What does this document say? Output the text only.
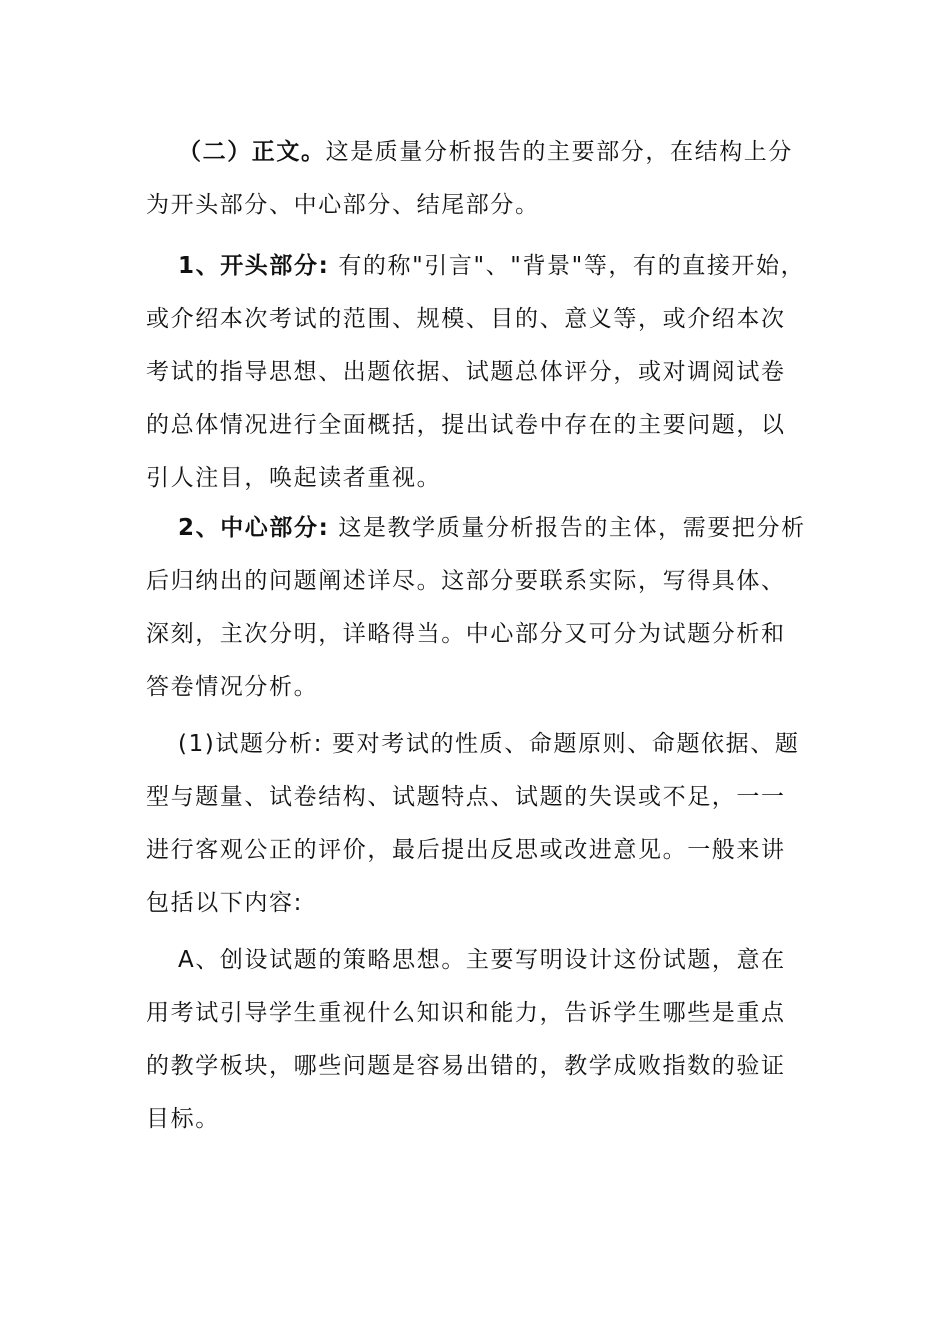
（二）正文。这是质量分析报告的主要部分，在结构上分为开头部分、中心部分、结尾部分。

1、开头部分: 有的称"引言"、"背景"等，有的直接开始，或介绍本次考试的范围、规模、目的、意义等，或介绍本次考试的指导思想、出题依据、试题总体评分，或对调阅试卷的总体情况进行全面概括，提出试卷中存在的主要问题，以引人注目，唤起读者重视。

2、中心部分: 这是教学质量分析报告的主体，需要把分析后归纳出的问题阐述详尽。这部分要联系实际，写得具体、深刻，主次分明，详略得当。中心部分又可分为试题分析和答卷情况分析。

(1)试题分析: 要对考试的性质、命题原则、命题依据、题型与题量、试卷结构、试题特点、试题的失误或不足，一一进行客观公正的评价，最后提出反思或改进意见。一般来讲包括以下内容:

A、创设试题的策略思想。主要写明设计这份试题，意在用考试引导学生重视什么知识和能力，告诉学生哪些是重点的教学板块，哪些问题是容易出错的，教学成败指数的验证目标。
